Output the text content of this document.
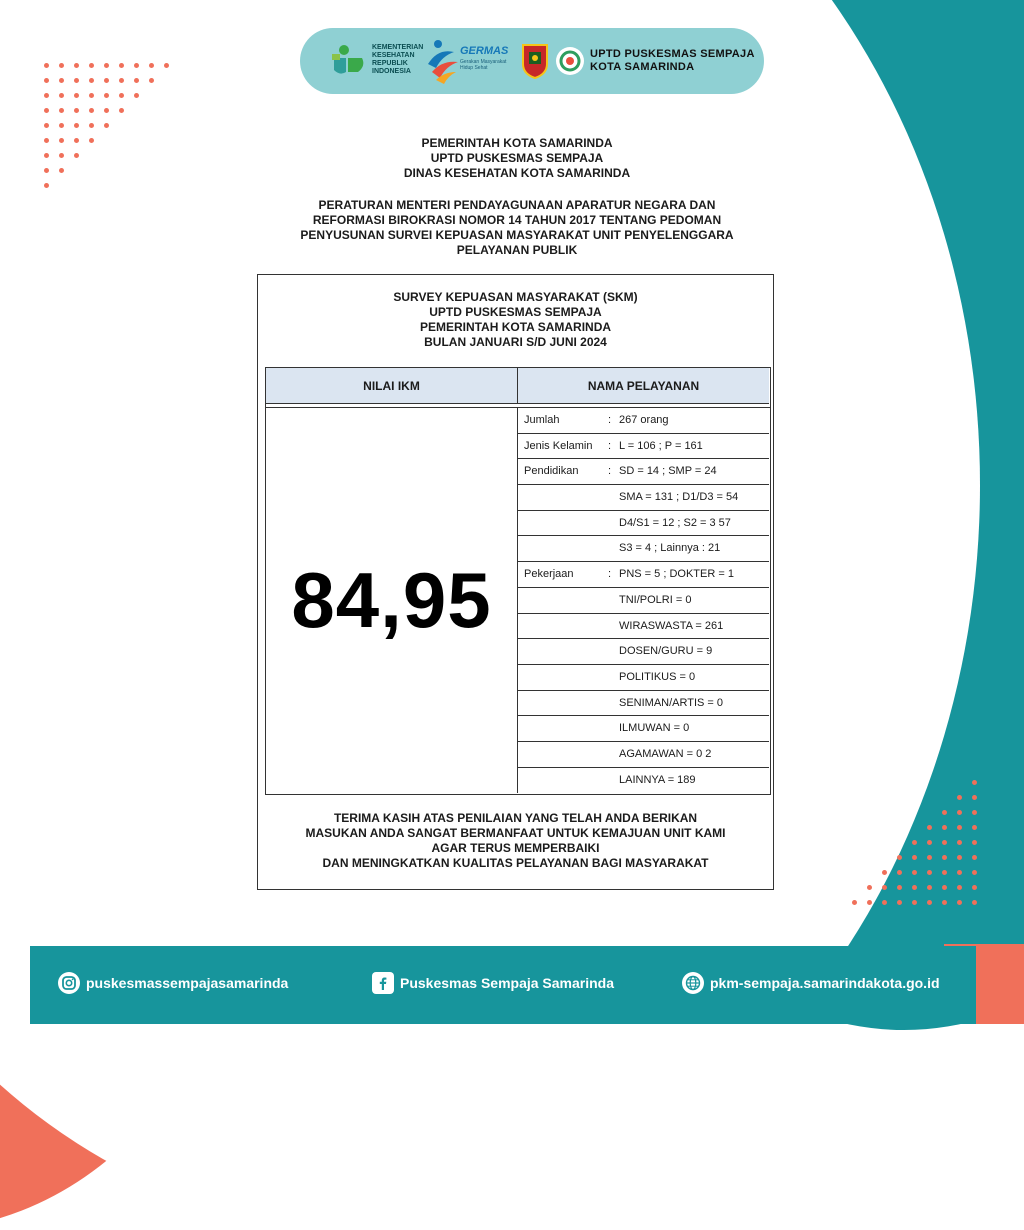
KEMENTERIAN
KESEHATAN
REPUBLIK
INDONESIA
GERMAS
Gerakan Masyarakat Hidup Sehat
UPTD PUSKESMAS SEMPAJA
KOTA SAMARINDA
PEMERINTAH KOTA SAMARINDA
UPTD PUSKESMAS SEMPAJA
DINAS KESEHATAN KOTA SAMARINDA
PERATURAN MENTERI PENDAYAGUNAAN APARATUR NEGARA DAN
REFORMASI BIROKRASI NOMOR 14 TAHUN 2017 TENTANG PEDOMAN
PENYUSUNAN SURVEI KEPUASAN MASYARAKAT UNIT PENYELENGGARA
PELAYANAN PUBLIK
SURVEY KEPUASAN MASYARAKAT (SKM)
UPTD PUSKESMAS SEMPAJA
PEMERINTAH KOTA SAMARINDA
BULAN JANUARI S/D JUNI 2024
NILAI IKM	NAMA PELAYANAN
84,95
Jumlah	: 267 orang
Jenis Kelamin : L = 106 ; P = 161
Pendidikan	: SD = 14 ; SMP = 24
SMA = 131 ; D1/D3 = 54
D4/S1 = 12 ; S2 = 3 57
S3 = 4 ; Lainnya : 21
Pekerjaan	: PNS = 5 ; DOKTER = 1
TNI/POLRI = 0
WIRASWASTA = 261
DOSEN/GURU = 9
POLITIKUS = 0
SENIMAN/ARTIS = 0
ILMUWAN = 0
AGAMAWAN = 0 2
LAINNYA = 189
TERIMA KASIH ATAS PENILAIAN YANG TELAH ANDA BERIKAN
MASUKAN ANDA SANGAT BERMANFAAT UNTUK KEMAJUAN UNIT KAMI
AGAR TERUS MEMPERBAIKI
DAN MENINGKATKAN KUALITAS PELAYANAN BAGI MASYARAKAT
puskesmassempajasamarinda	Puskesmas Sempaja Samarinda	pkm-sempaja.samarindakota.go.id
